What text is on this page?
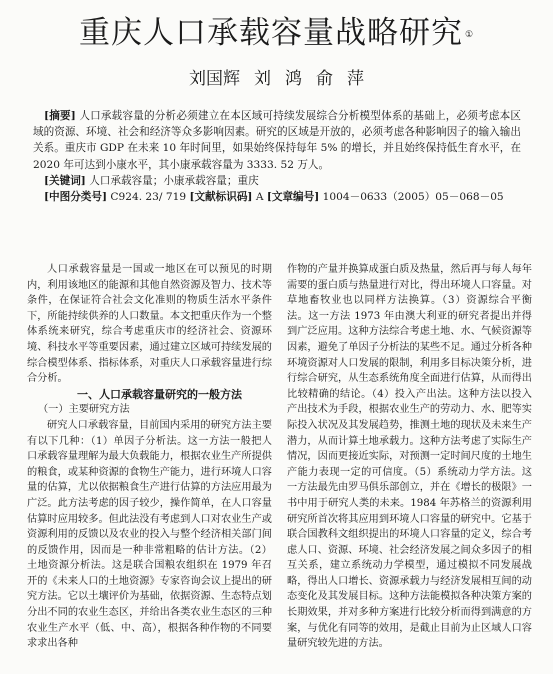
重庆人口承载容量战略研究 ①
刘国辉 刘 鸿 俞 萍

[摘要] 人口承载容量的分析必须建立在本区域可持续发展综合分析模型体系的基础上，必须考虑本区域的资源、环境、社会和经济等众多影响因素。研究的区域是开放的，必须考虑各种影响因子的输入输出关系。重庆市 GDP 在未来 10 年时间里，如果始终保持每年 5% 的增长，并且始终保持低生育水平，在 2020 年可达到小康水平，其小康承载容量为 3333. 52 万人。

[关键词] 人口承载容量；小康承载容量；重庆

[中图分类号] C924. 23/ 719 [文献标识码] A [文章编号] 1004－0633（2005）05－068－05

人口承载容量是一国或一地区在可以预见的时期内，利用该地区的能源和其他自然资源及智力、技术等条件，在保证符合社会文化准则的物质生活水平条件下，所能持续供养的人口数量。本文把重庆作为一个整体系统来研究，综合考虑重庆市的经济社会、资源环境、科技水平等重要因素，通过建立区域可持续发展的综合模型体系、指标体系，对重庆人口承载容量进行综合分析。

一、人口承载容量研究的一般方法

（一）主要研究方法

研究人口承载容量，目前国内采用的研究方法主要有以下几种：（1）单因子分析法。这一方法一般把人口承载容量理解为最大负载能力，根据农业生产所提供的粮食，或某种资源的食物生产能力，进行环境人口容量的估算，尤以依据粮食生产进行估算的方法应用最为广泛。此方法考虑的因子较少，操作简单，在人口容量估算时应用较多。但此法没有考虑到人口对农业生产或资源利用的反馈以及农业的投入与整个经济相关部门间的反馈作用，因而是一种非常粗略的估计方法。（2）土地资源分析法。这是联合国粮农组织在 1979 年召开的《未来人口的土地资源》专家咨询会议上提出的研究方法。它以土壤评价为基础，依据资源、生态特点划分出不同的农业生态区，并给出各类农业生态区的三种农业生产水平（低、中、高），根据各种作物的不同要求求出各种

作物的产量并换算成蛋白质及热量，然后再与每人每年需要的蛋白质与热量进行对比，得出环境人口容量。对草地畜牧业也以同样方法换算。（3）资源综合平衡法。这一方法 1973 年由澳大利亚的研究者提出并得到广泛应用。这种方法综合考虑土地、水、气候资源等因素，避免了单因子分析法的某些不足。通过分析各种环境资源对人口发展的限制，利用多目标决策分析，进行综合研究，从生态系统角度全面进行估算，从而得出比较精确的结论。（4）投入产出法。这种方法以投入产出技术为手段，根据农业生产的劳动力、水、肥等实际投入状况及其发展趋势，推测土地的现状及未来生产潜力，从而计算土地承载力。这种方法考虑了实际生产情况，因而更接近实际，对预测一定时间尺度的土地生产能力表现一定的可信度。（5）系统动力学方法。这一方法最先由罗马俱乐部创立，并在《增长的极限》一书中用于研究人类的未来。1984 年苏格兰的资源利用研究所首次将其应用到环境人口容量的研究中。它基于联合国教科文组织提出的环境人口容量的定义，综合考虑人口、资源、环境、社会经济发展之间众多因子的相互关系，建立系统动力学模型，通过模拟不同发展战略，得出人口增长、资源承载力与经济发展相互间的动态变化及其发展目标。这种方法能模拟各种决策方案的长期效果，并对多种方案进行比较分析而得到满意的方案，与优化有同等的效用，是截止目前为止区域人口容量研究较先进的方法。
